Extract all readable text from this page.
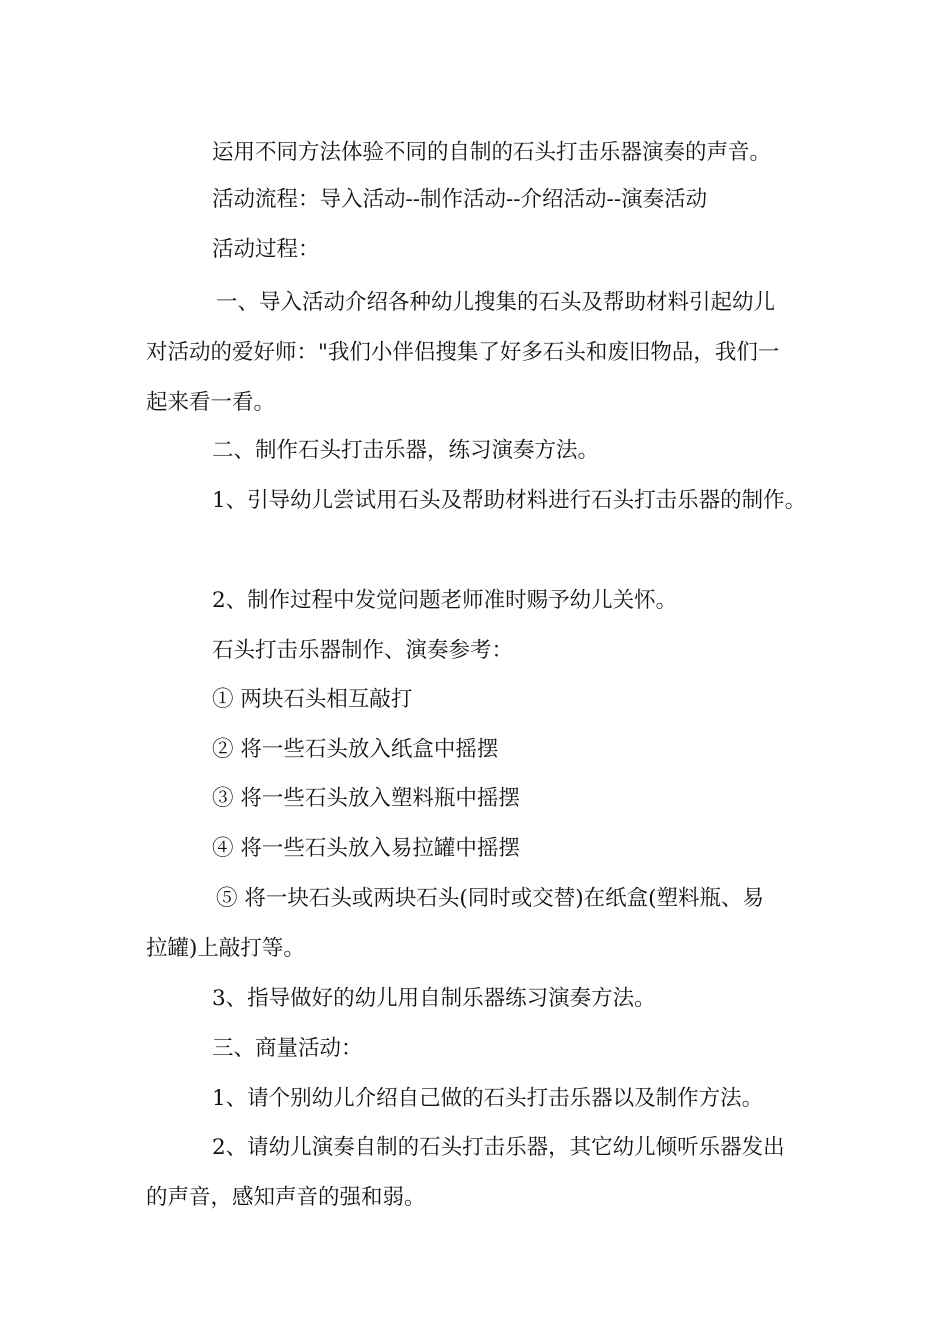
运用不同方法体验不同的自制的石头打击乐器演奏的声音。
活动流程：导入活动--制作活动--介绍活动--演奏活动
活动过程：
一、导入活动介绍各种幼儿搜集的石头及帮助材料引起幼儿
对活动的爱好师："我们小伴侣搜集了好多石头和废旧物品，我们一
起来看一看。
二、制作石头打击乐器，练习演奏方法。
1、引导幼儿尝试用石头及帮助材料进行石头打击乐器的制作。
2、制作过程中发觉问题老师准时赐予幼儿关怀。
石头打击乐器制作、演奏参考：
① 两块石头相互敲打
② 将一些石头放入纸盒中摇摆
③ 将一些石头放入塑料瓶中摇摆
④ 将一些石头放入易拉罐中摇摆
⑤ 将一块石头或两块石头(同时或交替)在纸盒(塑料瓶、易
拉罐)上敲打等。
3、指导做好的幼儿用自制乐器练习演奏方法。
三、商量活动：
1、请个别幼儿介绍自己做的石头打击乐器以及制作方法。
2、请幼儿演奏自制的石头打击乐器，其它幼儿倾听乐器发出
的声音，感知声音的强和弱。
